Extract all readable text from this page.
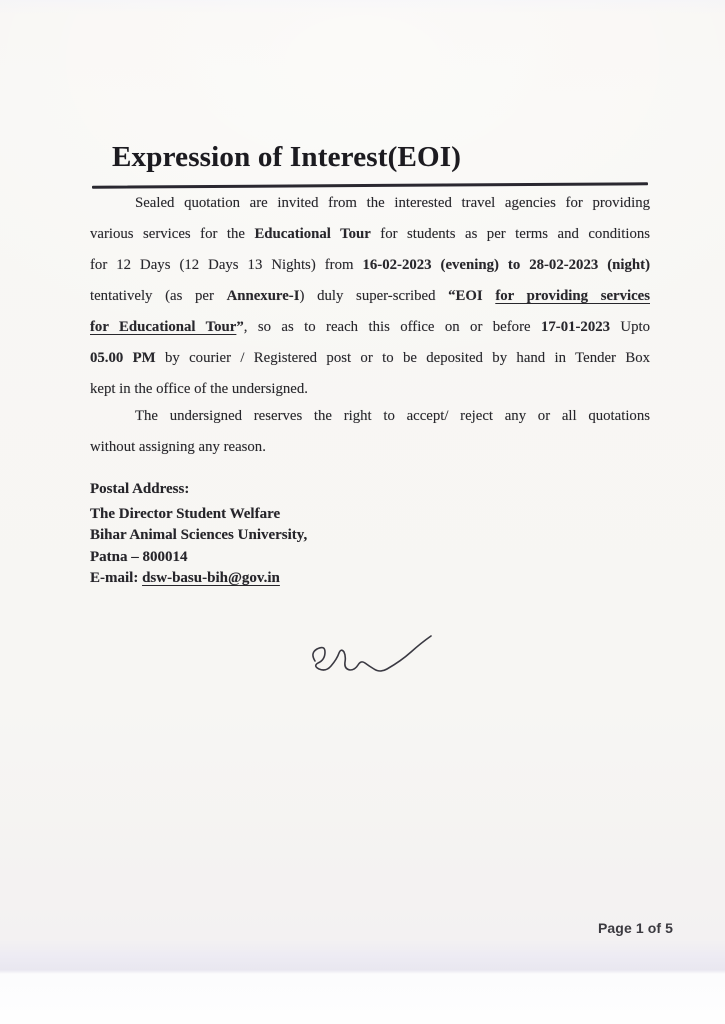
Expression of Interest(EOI)
Sealed quotation are invited from the interested travel agencies for providing
various services for the Educational Tour for students as per terms and conditions
for 12 Days (12 Days 13 Nights) from 16-02-2023 (evening) to 28-02-2023 (night)
tentatively (as per Annexure-I) duly super-scribed “EOI for providing services
for Educational Tour”, so as to reach this office on or before 17-01-2023 Upto
05.00 PM by courier / Registered post or to be deposited by hand in Tender Box
kept in the office of the undersigned.
The undersigned reserves the right to accept/ reject any or all quotations
without assigning any reason.
Postal Address:
The Director Student Welfare
Bihar Animal Sciences University,
Patna – 800014
E-mail: dsw-basu-bih@gov.in
Page 1 of 5
